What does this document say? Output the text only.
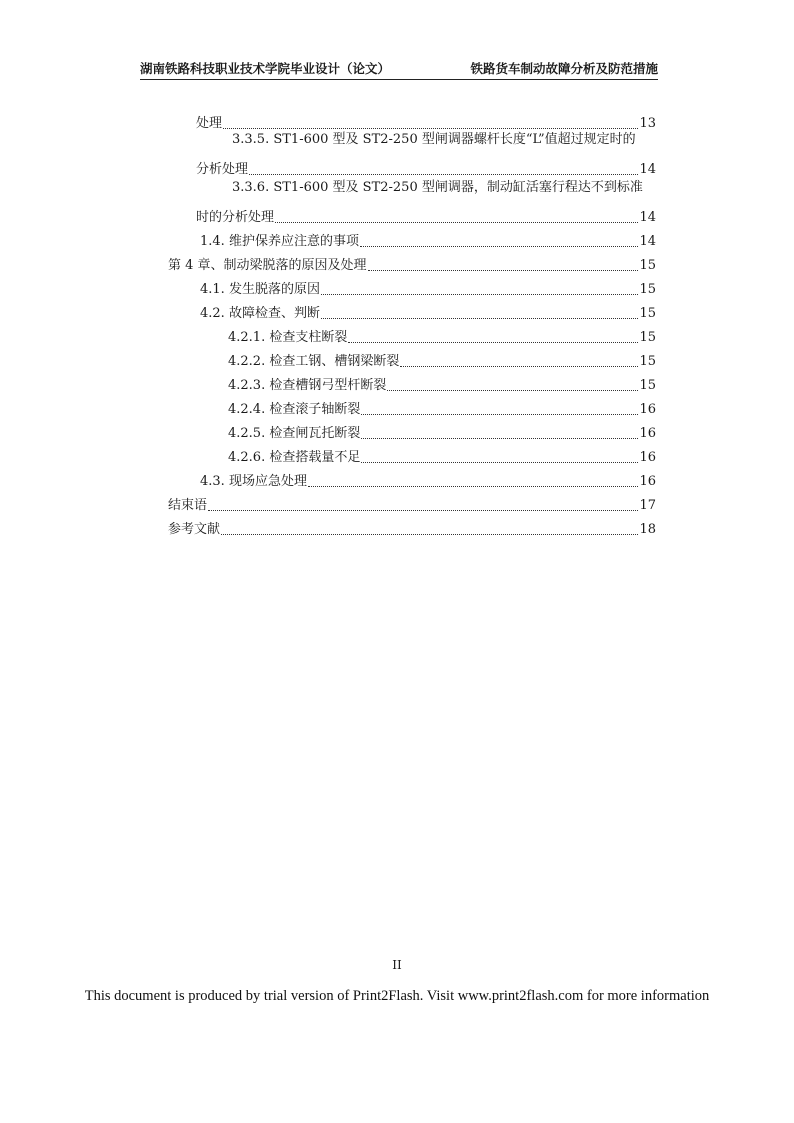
湖南铁路科技职业技术学院毕业设计（论文）	铁路货车制动故障分析及防范措施
处理	13
3.3.5. ST1-600 型及 ST2-250 型闸调器螺杆长度“L”值超过规定时的
分析处理	14
3.3.6. ST1-600 型及 ST2-250 型闸调器，制动缸活塞行程达不到标准
时的分析处理	14
1.4. 维护保养应注意的事项	14
第 4 章、制动梁脱落的原因及处理	15
4.1. 发生脱落的原因	15
4.2. 故障检查、判断	15
4.2.1. 检查支柱断裂	15
4.2.2. 检查工钢、槽钢梁断裂	15
4.2.3. 检查槽钢弓型杆断裂	15
4.2.4. 检查滚子轴断裂	16
4.2.5. 检查闸瓦托断裂	16
4.2.6. 检查搭载量不足	16
4.3. 现场应急处理	16
结束语	17
参考文献	18
II
This document is produced by trial version of Print2Flash. Visit www.print2flash.com for more information
